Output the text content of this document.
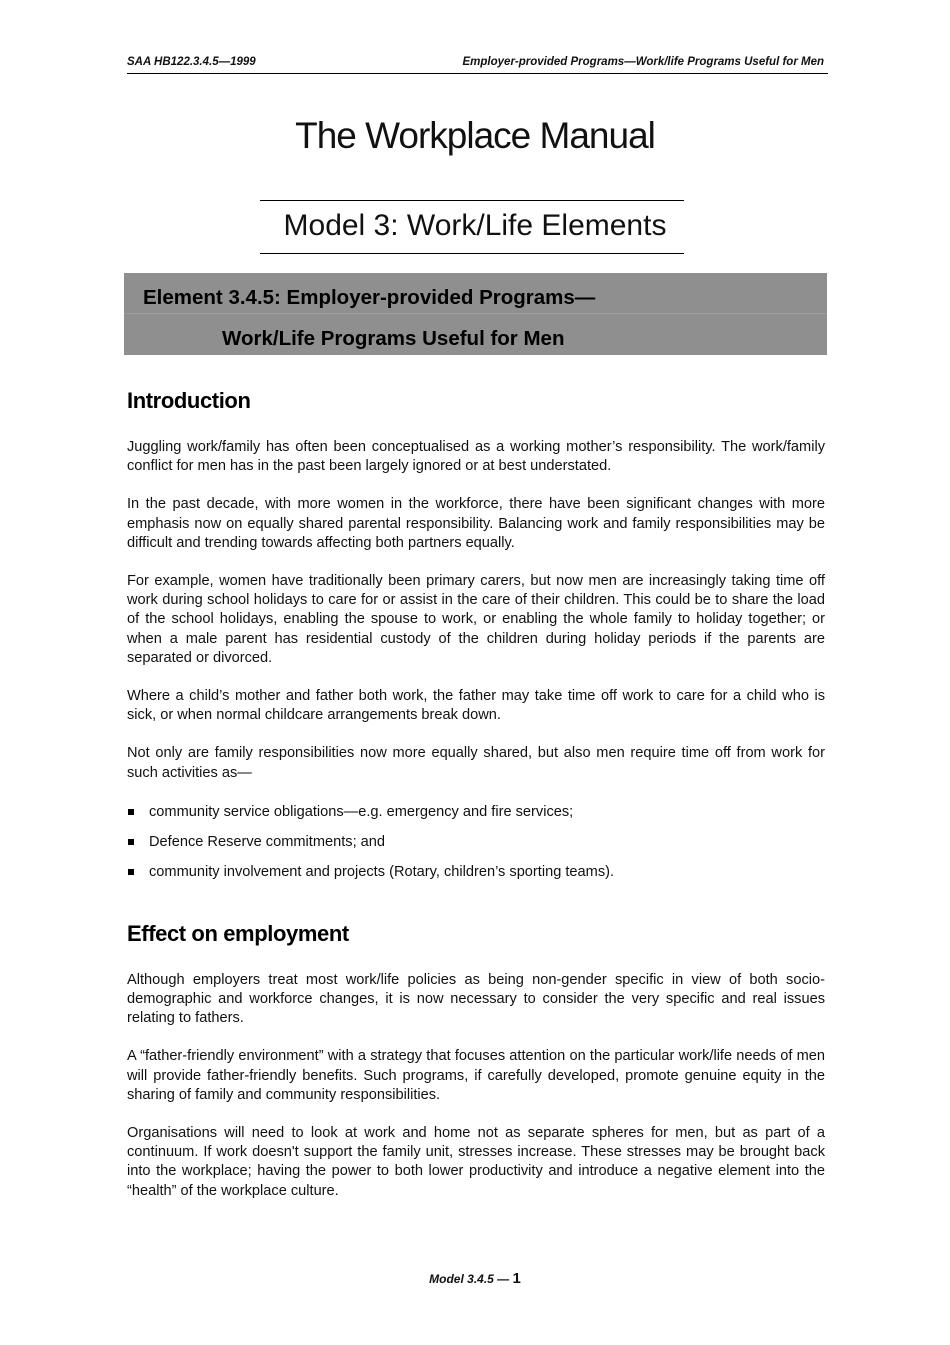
SAA HB122.3.4.5—1999	Employer-provided Programs—Work/life Programs Useful for Men
The Workplace Manual
Model 3: Work/Life Elements
Element 3.4.5: Employer-provided Programs—
Work/Life Programs Useful for Men
Introduction

Juggling work/family has often been conceptualised as a working mother’s responsibility. The work/family conflict for men has in the past been largely ignored or at best understated.

In the past decade, with more women in the workforce, there have been significant changes with more emphasis now on equally shared parental responsibility. Balancing work and family responsibilities may be difficult and trending towards affecting both partners equally.

For example, women have traditionally been primary carers, but now men are increasingly taking time off work during school holidays to care for or assist in the care of their children. This could be to share the load of the school holidays, enabling the spouse to work, or enabling the whole family to holiday together; or when a male parent has residential custody of the children during holiday periods if the parents are separated or divorced.

Where a child’s mother and father both work, the father may take time off work to care for a child who is sick, or when normal childcare arrangements break down.

Not only are family responsibilities now more equally shared, but also men require time off from work for such activities as—

community service obligations—e.g. emergency and fire services;
Defence Reserve commitments; and
community involvement and projects (Rotary, children’s sporting teams).
Effect on employment

Although employers treat most work/life policies as being non-gender specific in view of both socio-demographic and workforce changes, it is now necessary to consider the very specific and real issues relating to fathers.

A “father-friendly environment” with a strategy that focuses attention on the particular work/life needs of men will provide father-friendly benefits. Such programs, if carefully developed, promote genuine equity in the sharing of family and community responsibilities.

Organisations will need to look at work and home not as separate spheres for men, but as part of a continuum. If work doesn't support the family unit, stresses increase. These stresses may be brought back into the workplace; having the power to both lower productivity and introduce a negative element into the “health” of the workplace culture.

Model 3.4.5 — 1
